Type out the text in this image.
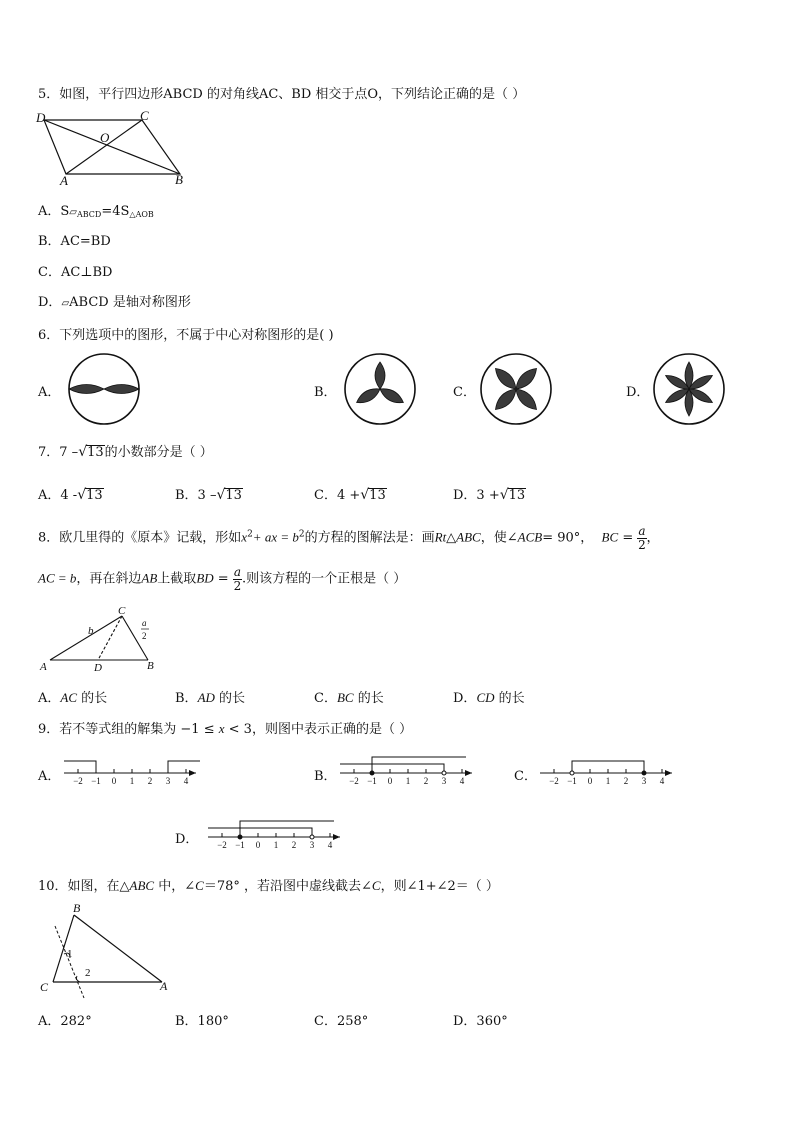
5．如图，平行四边形ABCD 的对角线AC、BD 相交于点O，下列结论正确的是（ ）
D	C
O
A	B
A．$S▱_{ABCD}=4S_{\triangle AOB}$
B．AC=BD
C．AC⊥BD
D．▱ABCD 是轴对称图形
6．下列选项中的图形，不属于中心对称图形的是( )
A．	B．	C．	D．
7．7 –√13的小数部分是（ ）
A．4 -√13	B．3 –√13	C．4 +√13	D．3 +√13
8．欧几里得的《原本》记载，形如$x^2+$ ax = $b^2$的方程的图解法是：画Rt△ABC，使∠ACB= 90°， BC = $\frac{a}{2}$ ，
AC = b，再在斜边AB上截取BD = $\frac{a}{2}$ .则该方程的一个正根是（ ）
C
b
a
2
A	D	B
A．AC 的长	B．AD 的长	C．BC 的长	D．CD 的长
9．若不等式组的解集为 −1 ≤ x < 3，则图中表示正确的是（ ）
A．	B．	C．
D．
−2 −1 0 1 2 3 4	−2 −1 0 1 2 3 4	−2 −1 0 1 2 3 4
−2 −1 0 1 2 3 4
10．如图，在△ABC 中，∠C＝78° ，若沿图中虚线截去∠C，则∠1+∠2＝（ ）
B
C	A
1
2
A．282°	B．180°	C．258°	D．360°
